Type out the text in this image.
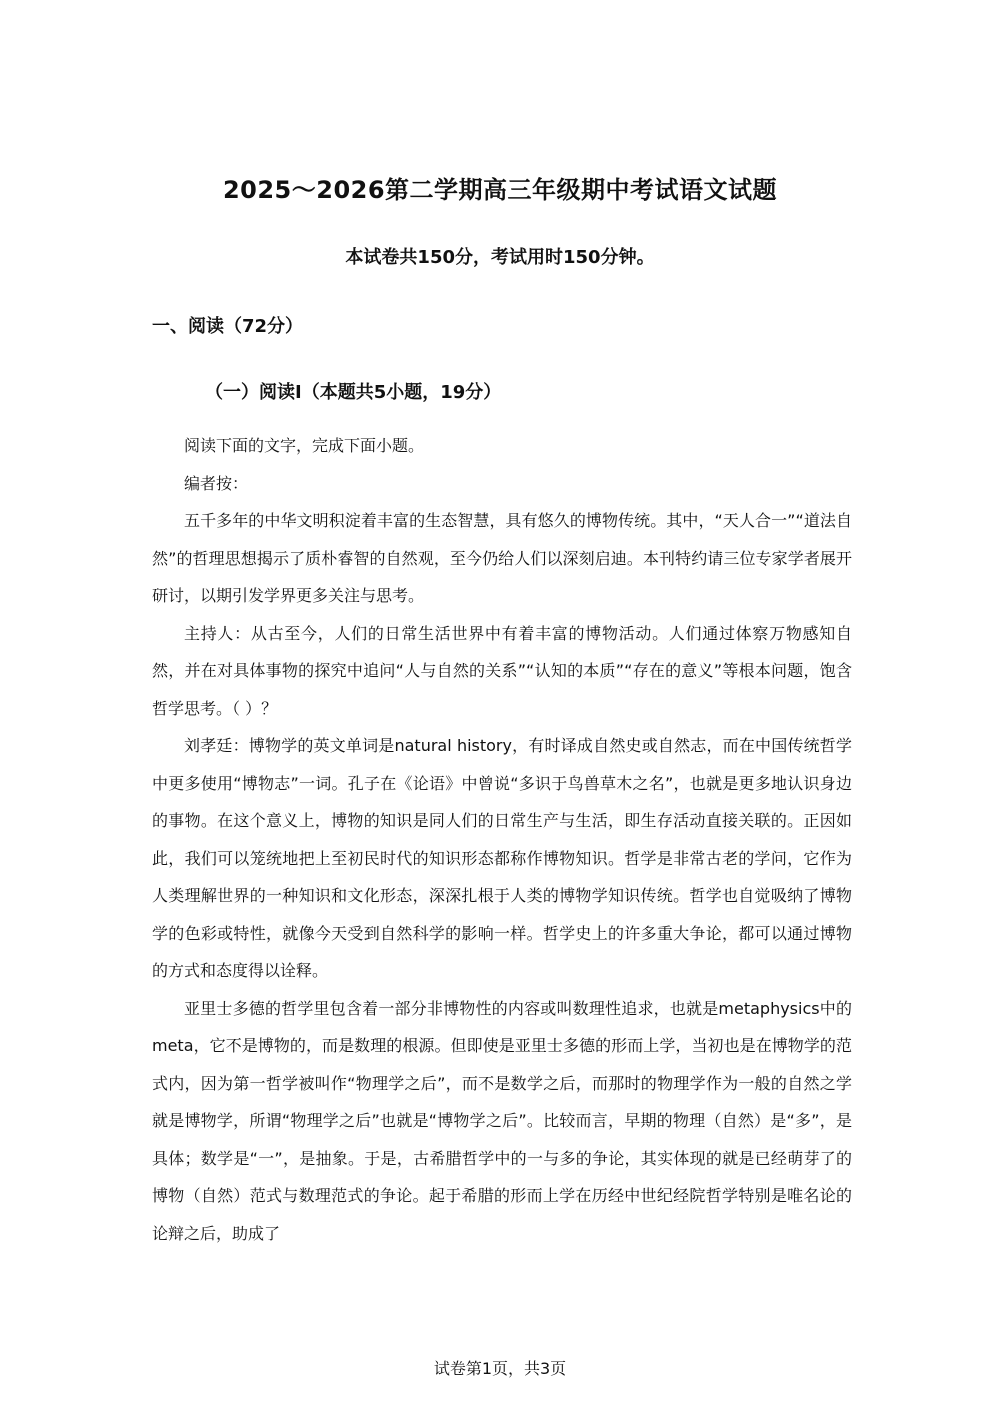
2025～2026第二学期高三年级期中考试语文试题
本试卷共150分，考试用时150分钟。
一、阅读（72分）
（一）阅读Ⅰ（本题共5小题，19分）

阅读下面的文字，完成下面小题。

编者按：

五千多年的中华文明积淀着丰富的生态智慧，具有悠久的博物传统。其中，“天人合一”“道法自然”的哲理思想揭示了质朴睿智的自然观，至今仍给人们以深刻启迪。本刊特约请三位专家学者展开研讨，以期引发学界更多关注与思考。

主持人：从古至今，人们的日常生活世界中有着丰富的博物活动。人们通过体察万物感知自然，并在对具体事物的探究中追问“人与自然的关系”“认知的本质”“存在的意义”等根本问题，饱含哲学思考。（ ）？

刘孝廷：博物学的英文单词是natural history，有时译成自然史或自然志，而在中国传统哲学中更多使用“博物志”一词。孔子在《论语》中曾说“多识于鸟兽草木之名”，也就是更多地认识身边的事物。在这个意义上，博物的知识是同人们的日常生产与生活，即生存活动直接关联的。正因如此，我们可以笼统地把上至初民时代的知识形态都称作博物知识。哲学是非常古老的学问，它作为人类理解世界的一种知识和文化形态，深深扎根于人类的博物学知识传统。哲学也自觉吸纳了博物学的色彩或特性，就像今天受到自然科学的影响一样。哲学史上的许多重大争论，都可以通过博物的方式和态度得以诠释。

亚里士多德的哲学里包含着一部分非博物性的内容或叫数理性追求，也就是metaphysics中的meta，它不是博物的，而是数理的根源。但即使是亚里士多德的形而上学，当初也是在博物学的范式内，因为第一哲学被叫作“物理学之后”，而不是数学之后，而那时的物理学作为一般的自然之学就是博物学，所谓“物理学之后”也就是“博物学之后”。比较而言，早期的物理（自然）是“多”，是具体；数学是“一”，是抽象。于是，古希腊哲学中的一与多的争论，其实体现的就是已经萌芽了的博物（自然）范式与数理范式的争论。起于希腊的形而上学在历经中世纪经院哲学特别是唯名论的论辩之后，助成了

试卷第1页，共3页
